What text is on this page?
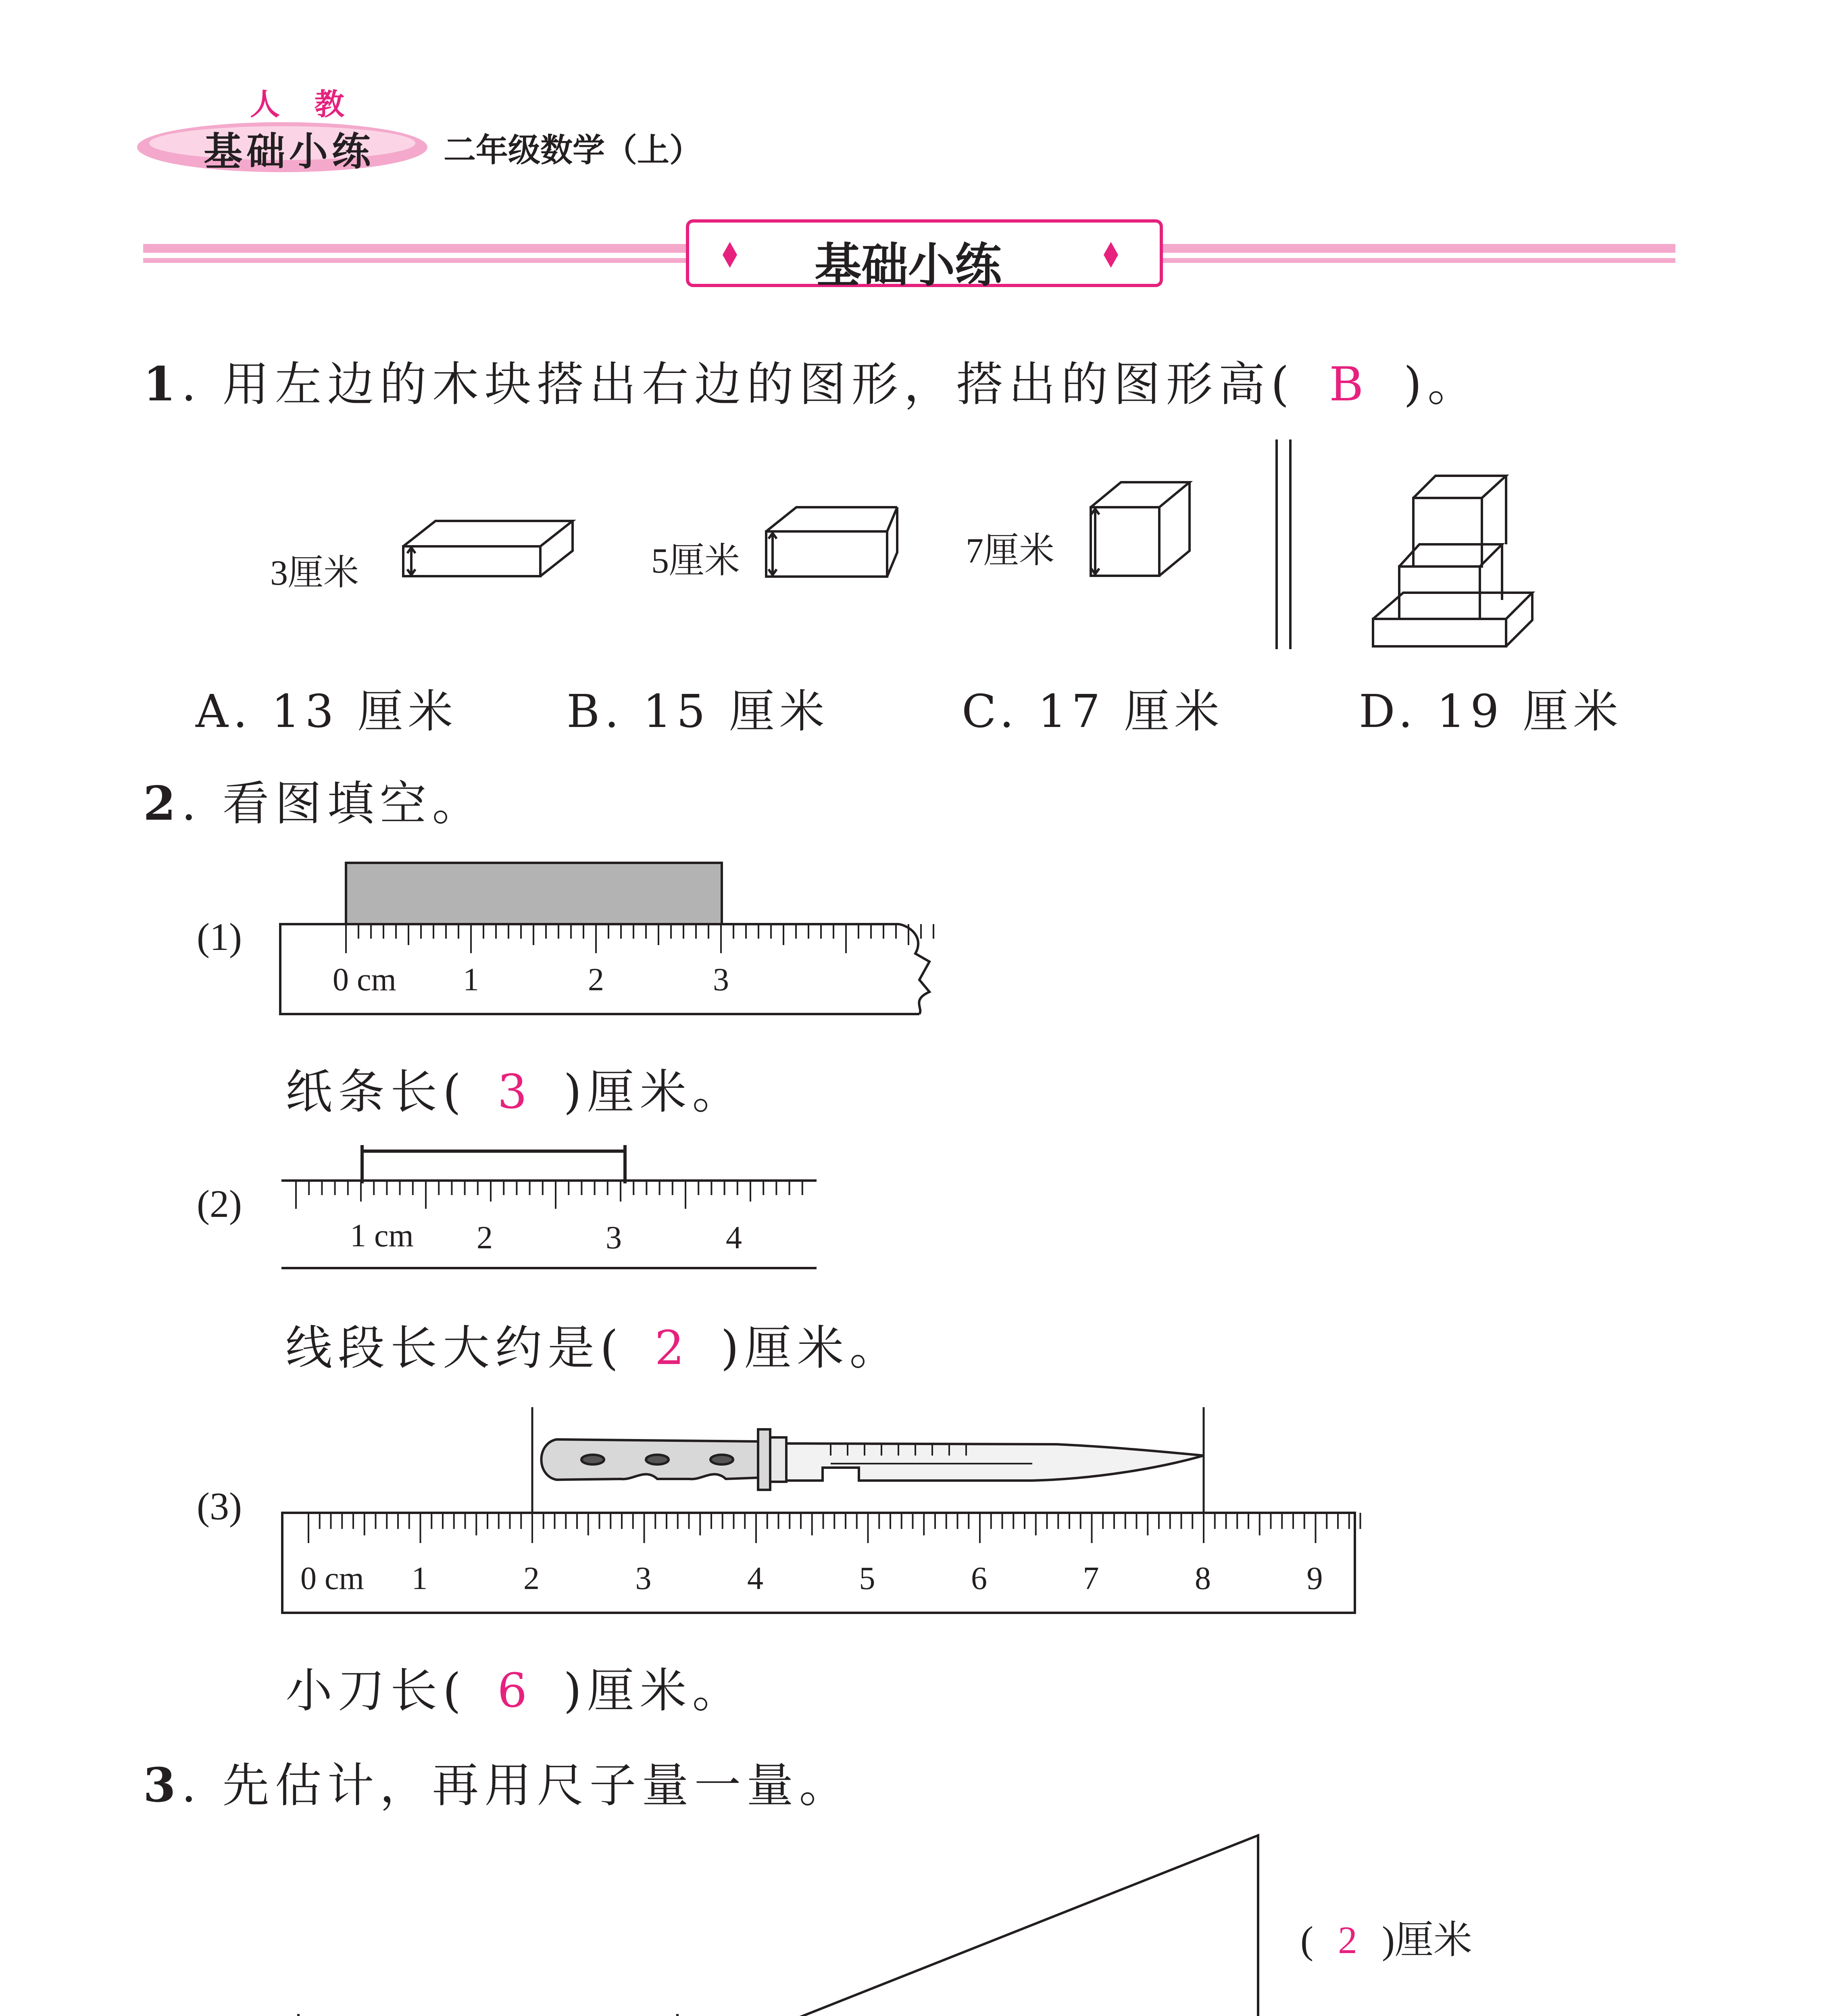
人 教
基础小练 二年级数学（上）
基础小练
1. 用左边的木块搭出右边的图形，搭出的图形高( B )。
3厘米	5厘米	7厘米
A. 13 厘米 B. 15 厘米	C. 17 厘米	D. 19 厘米
2. 看图填空。
(1)
0 cm 1	2	3
纸条长( 3 )厘米。
(2)
1 cm 2	3	4
线段长大约是( 2 )厘米。
(3)
0 cm 1	2	3	4	5	6	7	8	9
小刀长( 6 )厘米。
3. 先估计，再用尺子量一量。
( 2 )厘米
